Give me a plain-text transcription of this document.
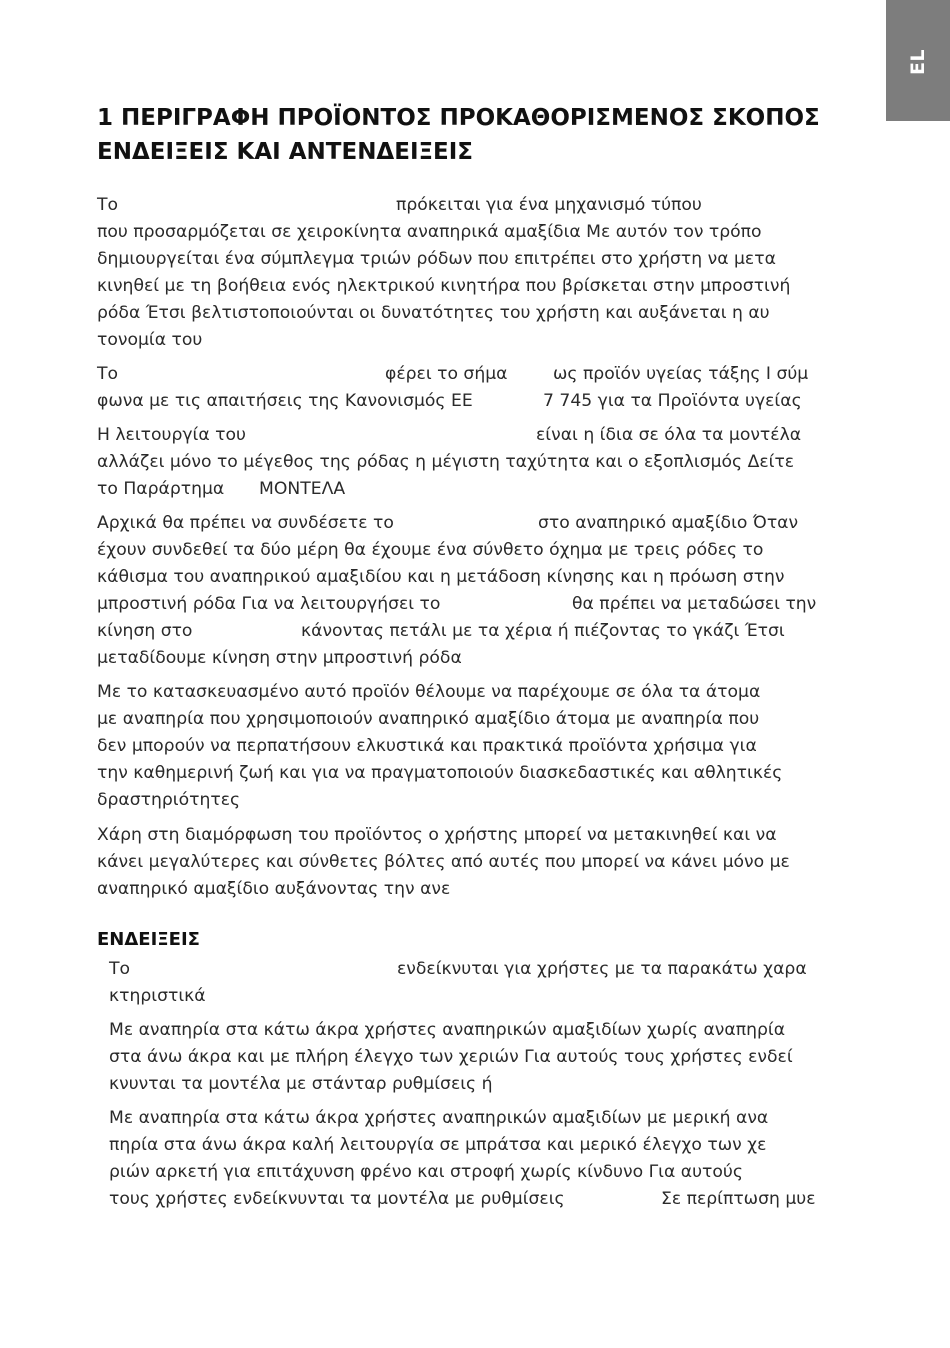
EL
1 ΠΕΡΙΓΡΑΦΗ ΠΡΟΪΟΝΤΟΣ ΠΡΟΚΑΘΟΡΙΣΜΕΝΟΣ ΣΚΟΠΟΣ
ΕΝΔΕΙΞΕΙΣ ΚΑΙ ΑΝΤΕΝΔΕΙΞΕΙΣ
Το	πρόκειται για ένα μηχανισμό τύπου
που προσαρμόζεται σε χειροκίνητα αναπηρικά αμαξίδια Με αυτόν τον τρόπο
δημιουργείται ένα σύμπλεγμα τριών ρόδων που επιτρέπει στο χρήστη να μετα
κινηθεί με τη βοήθεια ενός ηλεκτρικού κινητήρα που βρίσκεται στην μπροστινή
ρόδα Έτσι βελτιστοποιούνται οι δυνατότητες του χρήστη και αυξάνεται η αυ
τονομία του
Το	φέρει το σήμα	ως προϊόν υγείας τάξης Ι σύμ
φωνα με τις απαιτήσεις της Κανονισμός ΕΕ	7 745 για τα Προϊόντα υγείας
Η λειτουργία του	είναι η ίδια σε όλα τα μοντέλα
αλλάζει μόνο το μέγεθος της ρόδας η μέγιστη ταχύτητα και ο εξοπλισμός Δείτε
το Παράρτημα ΜΟΝΤΕΛΑ
Αρχικά θα πρέπει να συνδέσετε το	στο αναπηρικό αμαξίδιο Όταν
έχουν συνδεθεί τα δύο μέρη θα έχουμε ένα σύνθετο όχημα με τρεις ρόδες το
κάθισμα του αναπηρικού αμαξιδίου και η μετάδοση κίνησης και η πρόωση στην
μπροστινή ρόδα Για να λειτουργήσει το	θα πρέπει να μεταδώσει την
κίνηση στο	κάνοντας πετάλι με τα χέρια ή πιέζοντας το γκάζι Έτσι
μεταδίδουμε κίνηση στην μπροστινή ρόδα
Με το κατασκευασμένο αυτό προϊόν θέλουμε να παρέχουμε σε όλα τα άτομα
με αναπηρία που χρησιμοποιούν αναπηρικό αμαξίδιο άτομα με αναπηρία που
δεν μπορούν να περπατήσουν ελκυστικά και πρακτικά προϊόντα χρήσιμα για
την καθημερινή ζωή και για να πραγματοποιούν διασκεδαστικές και αθλητικές
δραστηριότητες
Χάρη στη διαμόρφωση του προϊόντος ο χρήστης μπορεί να μετακινηθεί και να
κάνει μεγαλύτερες και σύνθετες βόλτες από αυτές που μπορεί να κάνει μόνο με
αναπηρικό αμαξίδιο αυξάνοντας την ανε
ΕΝΔΕΙΞΕΙΣ
Το	ενδείκνυται για χρήστες με τα παρακάτω χαρα
κτηριστικά
Με αναπηρία στα κάτω άκρα χρήστες αναπηρικών αμαξιδίων χωρίς αναπηρία
στα άνω άκρα και με πλήρη έλεγχο των χεριών Για αυτούς τους χρήστες ενδεί
κνυνται τα μοντέλα με στάνταρ ρυθμίσεις ή
Με αναπηρία στα κάτω άκρα χρήστες αναπηρικών αμαξιδίων με μερική ανα
πηρία στα άνω άκρα καλή λειτουργία σε μπράτσα και μερικό έλεγχο των χε
ριών αρκετή για επιτάχυνση φρένο και στροφή χωρίς κίνδυνο Για αυτούς
τους χρήστες ενδείκνυνται τα μοντέλα με ρυθμίσεις	Σε περίπτωση μυε
